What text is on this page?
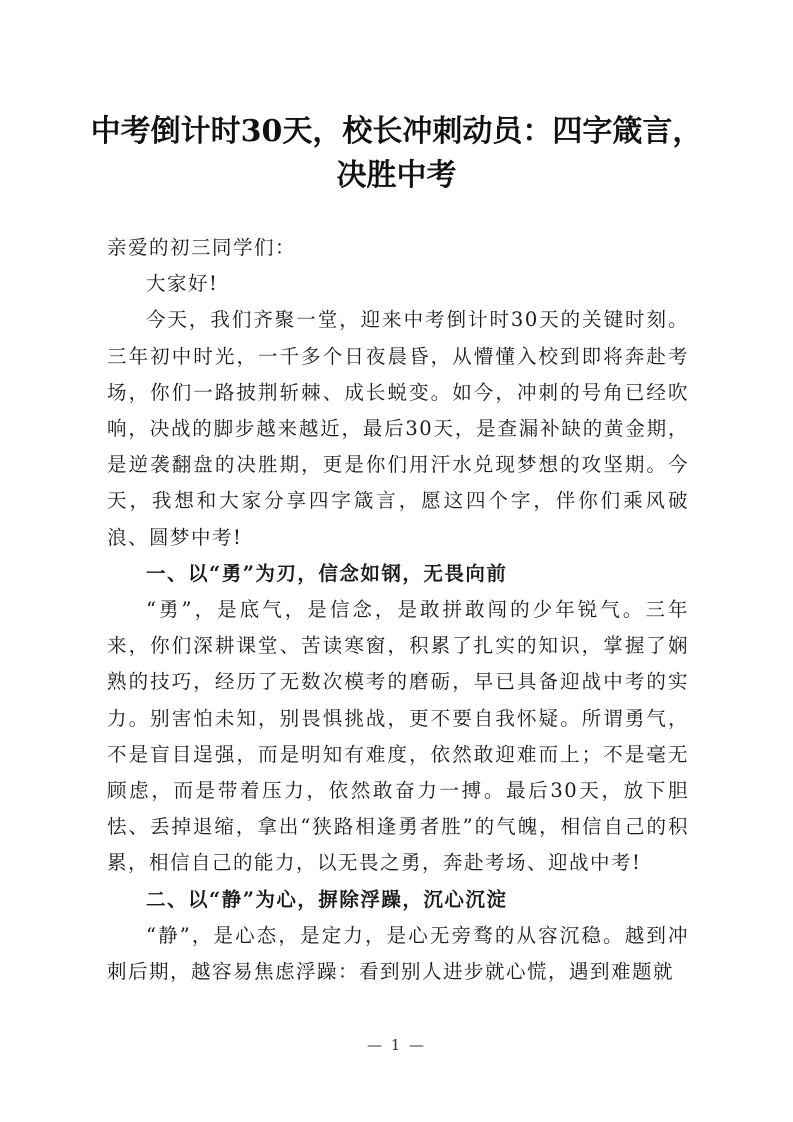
中考倒计时30天，校长冲刺动员：四字箴言，决胜中考

亲爱的初三同学们：

大家好!

今天，我们齐聚一堂，迎来中考倒计时30天的关键时刻。三年初中时光，一千多个日夜晨昏，从懵懂入校到即将奔赴考场，你们一路披荆斩棘、成长蜕变。如今，冲刺的号角已经吹响，决战的脚步越来越近，最后30天，是查漏补缺的黄金期，是逆袭翻盘的决胜期，更是你们用汗水兑现梦想的攻坚期。今天，我想和大家分享四字箴言，愿这四个字，伴你们乘风破浪、圆梦中考!

一、以“勇”为刃，信念如钢，无畏向前

“勇”，是底气，是信念，是敢拼敢闯的少年锐气。三年来，你们深耕课堂、苦读寒窗，积累了扎实的知识，掌握了娴熟的技巧，经历了无数次模考的磨砺，早已具备迎战中考的实力。别害怕未知，别畏惧挑战，更不要自我怀疑。所谓勇气，不是盲目逞强，而是明知有难度，依然敢迎难而上；不是毫无顾虑，而是带着压力，依然敢奋力一搏。最后30天，放下胆怯、丢掉退缩，拿出“狭路相逢勇者胜”的气魄，相信自己的积累，相信自己的能力，以无畏之勇，奔赴考场、迎战中考!

二、以“静”为心，摒除浮躁，沉心沉淀

“静”，是心态，是定力，是心无旁骛的从容沉稳。越到冲刺后期，越容易焦虑浮躁：看到别人进步就心慌，遇到难题就

— 1 —
